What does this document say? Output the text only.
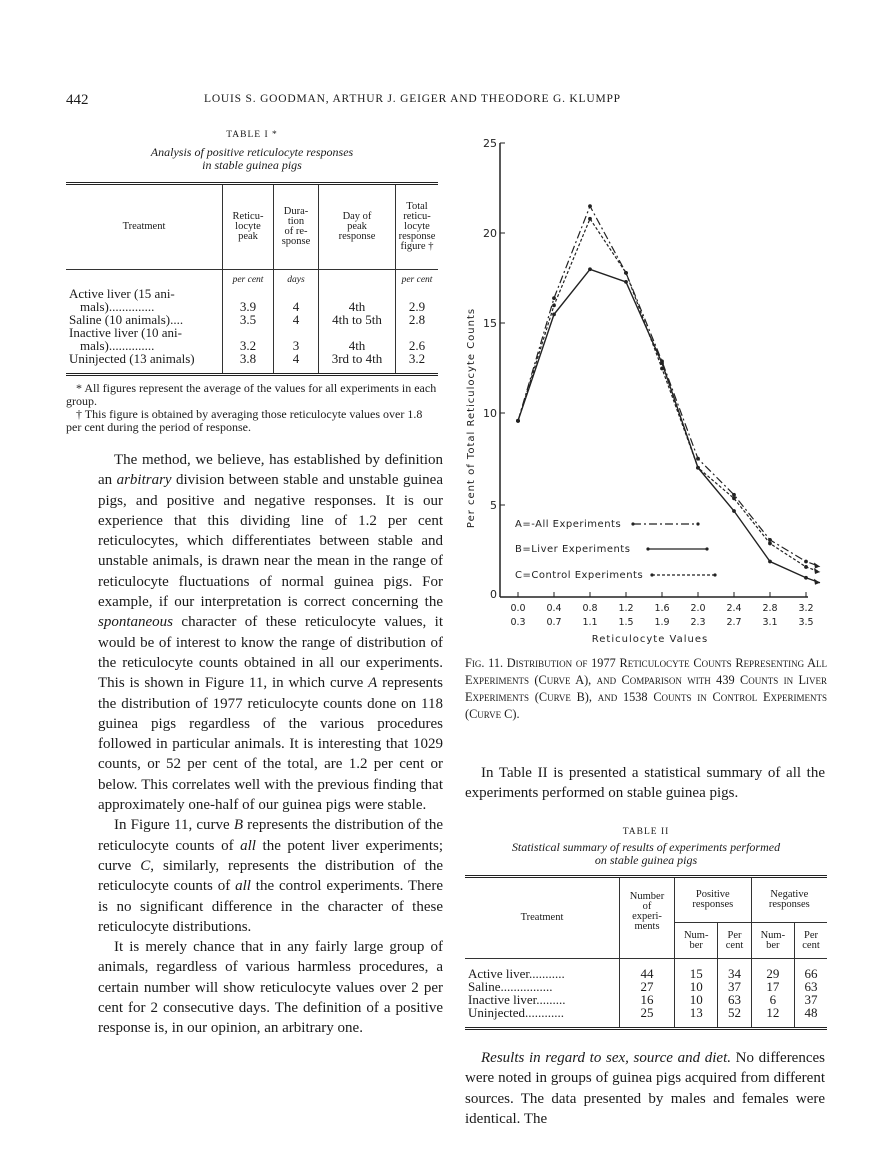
442	LOUIS S. GOODMAN, ARTHUR J. GEIGER AND THEODORE G. KLUMPP
TABLE I *
Analysis of positive reticulocyte responses
in stable guinea pigs
Treatment	
Reticu-
locyte
peak

Dura-
tion
of re-
sponse

Day of
peak
response

Total
reticu-
locyte
response
figure †

	per cent	days		per cent
Active liver (15 ani-				
mals)..............	3.9	4	4th	2.9
Saline (10 animals)....	3.5	4	4th to 5th	2.8
Inactive liver (10 ani-				
mals)..............	3.2	3	4th	2.6
Uninjected (13 animals)	3.8	4	3rd to 4th	3.2

* All figures represent the average of the values for all experiments in each group.

† This figure is obtained by averaging those reticulocyte values over 1.8 per cent during the period of response.

The method, we believe, has established by definition an arbitrary division between stable and unstable guinea pigs, and positive and negative responses. It is our experience that this dividing line of 1.2 per cent reticulocytes, which differentiates between stable and unstable animals, is drawn near the mean in the range of reticulocyte fluctuations of normal guinea pigs. For example, if our interpretation is correct concerning the spontaneous character of these reticulocyte values, it would be of interest to know the range of distribution of the reticulocyte counts obtained in all our experiments. This is shown in Figure 11, in which curve A represents the distribution of 1977 reticulocyte counts done on 118 guinea pigs regardless of the various procedures followed in particular animals. It is interesting that 1029 counts, or 52 per cent of the total, are 1.2 per cent or below. This correlates well with the previous finding that approximately one-half of our guinea pigs were stable.

In Figure 11, curve B represents the distribution of the reticulocyte counts of all the potent liver experiments; curve C, similarly, represents the distribution of the reticulocyte counts of all the control experiments. There is no significant difference in the character of these reticulocyte distributions.

It is merely chance that in any fairly large group of animals, regardless of various harmless procedures, a certain number will show reticulocyte values over 2 per cent for 2 consecutive days. The definition of a positive response is, in our opinion, an arbitrary one.

25
20
15
10
5
0
Per cent of Total Reticulocyte Counts
0.0
0.3
0.4
0.7
0.8
1.1
1.2
1.5
1.6
1.9
2.0
2.3
2.4
2.7
2.8
3.1
3.2
3.5
Reticulocyte Values
A=-All Experiments
B=Liver Experiments
C=Control Experiments
Fig. 11. Distribution of 1977 Reticulocyte Counts Representing All Experiments (Curve A), and Comparison with 439 Counts in Liver Experiments (Curve B), and 1538 Counts in Control Experiments (Curve C).

In Table II is presented a statistical summary of all the experiments performed on stable guinea pigs.

TABLE II
Statistical summary of results of experiments performed
on stable guinea pigs
Treatment	
Number
of
experi-
ments

Positive
responses

Negative
responses

Num-
ber

Per
cent

Num-
ber

Per
cent

Active liver...........	44	15	34	29	66
Saline................	27	10	37	17	63
Inactive liver.........	16	10	63	6	37
Uninjected............	25	13	52	12	48

Results in regard to sex, source and diet. No differences were noted in groups of guinea pigs acquired from different sources. The data presented by males and females were identical. The
